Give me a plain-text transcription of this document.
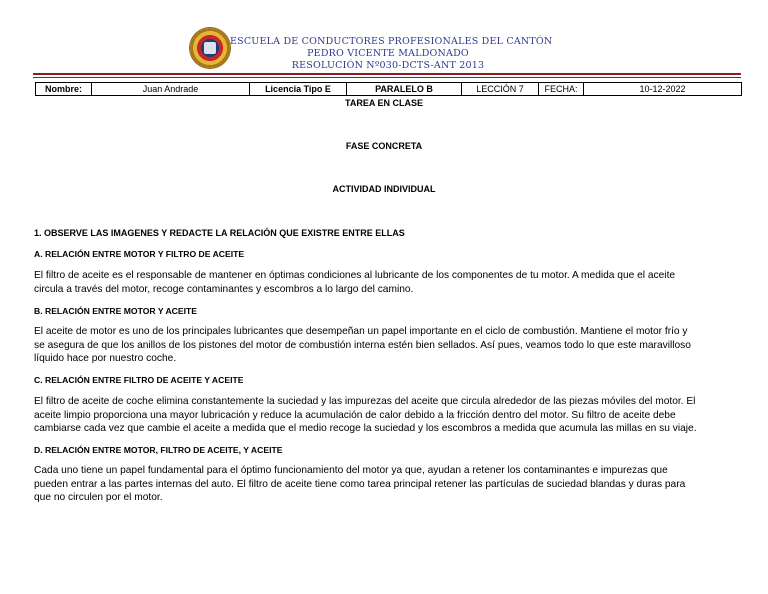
ESCUELA DE CONDUCTORES PROFESIONALES DEL CANTÓN
PEDRO VICENTE MALDONADO
RESOLUCIÓN Nº030-DCTS-ANT 2013
Nombre:	Juan Andrade	Licencia Tipo E	PARALELO B	LECCIÓN 7	FECHA:	10-12-2022
TAREA EN CLASE
FASE CONCRETA
ACTIVIDAD INDIVIDUAL
1. OBSERVE LAS IMAGENES Y REDACTE LA RELACIÓN QUE EXISTRE ENTRE ELLAS
A. RELACIÓN ENTRE MOTOR Y FILTRO DE ACEITE
El filtro de aceite es el responsable de mantener en óptimas condiciones al lubricante de los componentes de tu motor. A medida que el aceite
circula a través del motor, recoge contaminantes y escombros a lo largo del camino.
B. RELACIÓN ENTRE MOTOR Y ACEITE
El aceite de motor es uno de los principales lubricantes que desempeñan un papel importante en el ciclo de combustión. Mantiene el motor frío y
se asegura de que los anillos de los pistones del motor de combustión interna estén bien sellados. Así pues, veamos todo lo que este maravilloso
líquido hace por nuestro coche.
C. RELACIÓN ENTRE FILTRO DE ACEITE Y ACEITE
El filtro de aceite de coche elimina constantemente la suciedad y las impurezas del aceite que circula alrededor de las piezas móviles del motor. El
aceite limpio proporciona una mayor lubricación y reduce la acumulación de calor debido a la fricción dentro del motor. Su filtro de aceite debe
cambiarse cada vez que cambie el aceite a medida que el medio recoge la suciedad y los escombros a medida que acumula las millas en su viaje.
D. RELACIÓN ENTRE MOTOR, FILTRO DE ACEITE, Y ACEITE
Cada uno tiene un papel fundamental para el óptimo funcionamiento del motor ya que, ayudan a retener los contaminantes e impurezas que
pueden entrar a las partes internas del auto. El filtro de aceite tiene como tarea principal retener las partículas de suciedad blandas y duras para
que no circulen por el motor.
